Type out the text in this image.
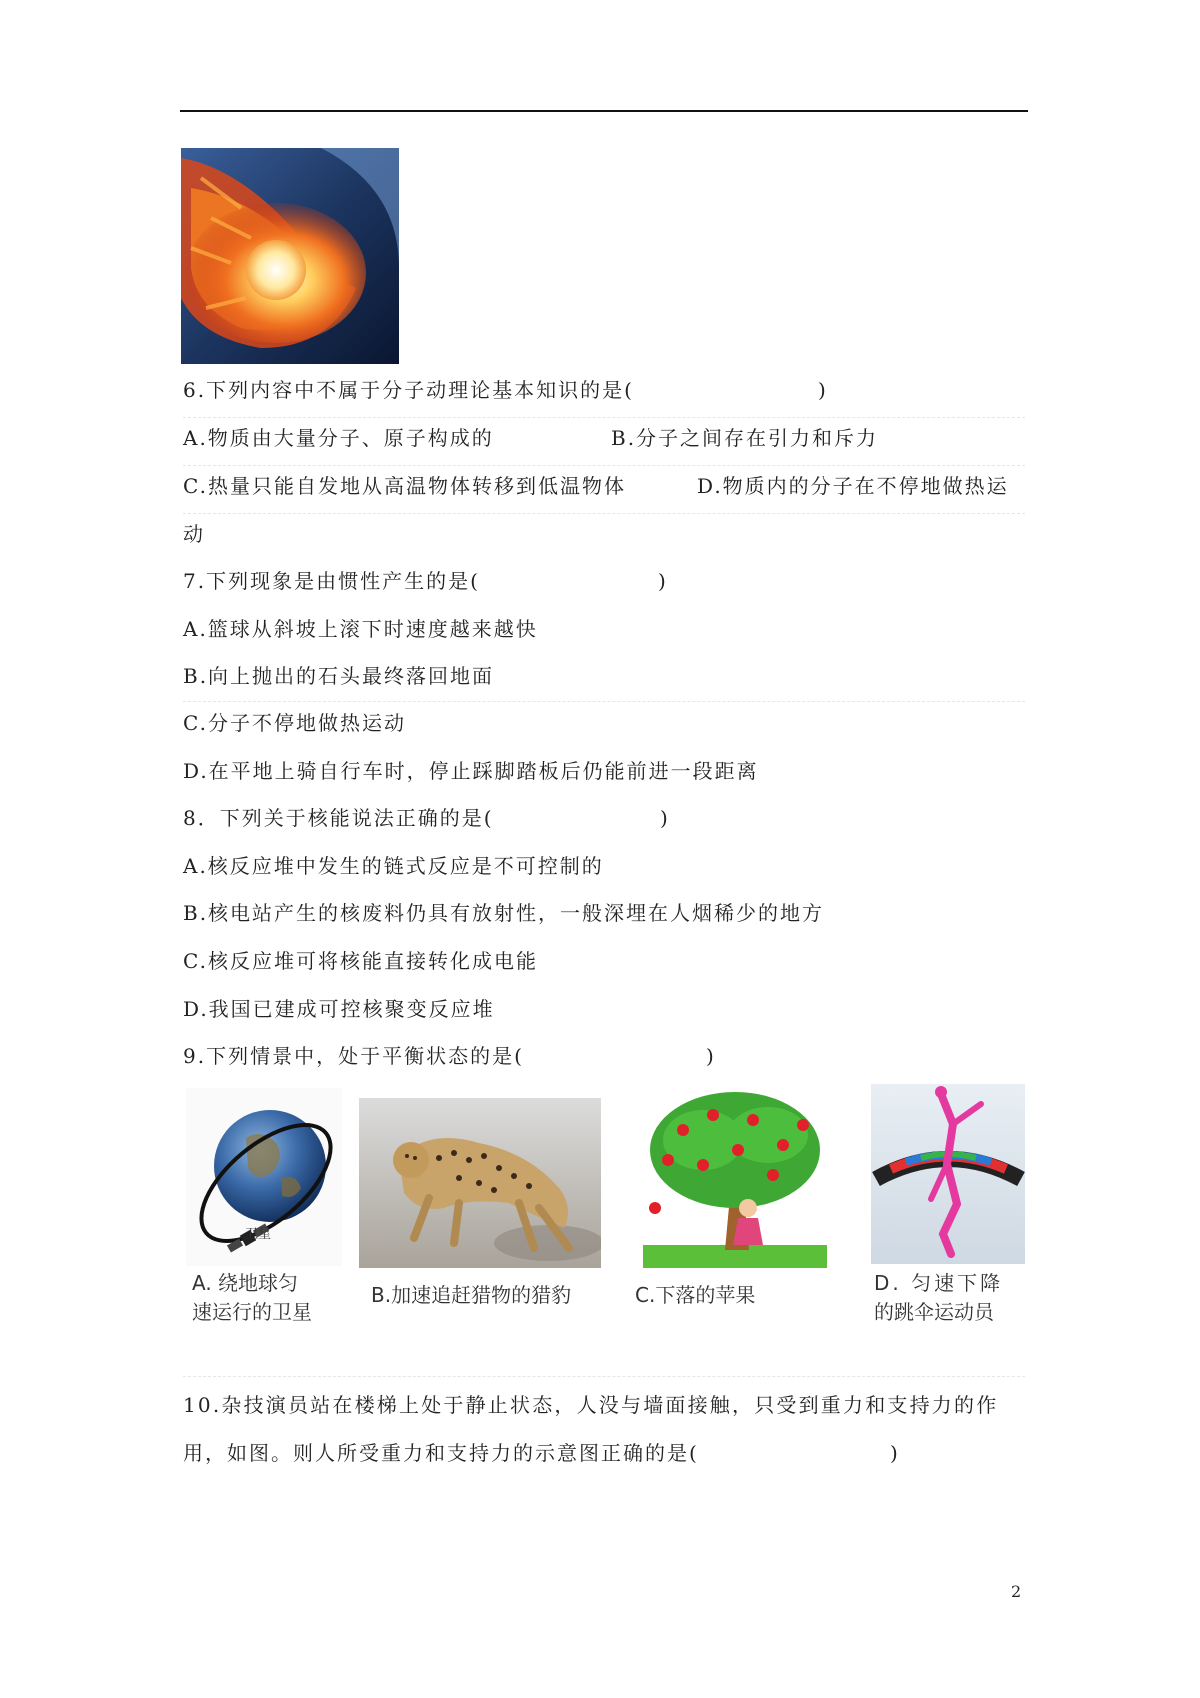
6.下列内容中不属于分子动理论基本知识的是(	)
A.物质由大量分子、原子构成的	B.分子之间存在引力和斥力
C.热量只能自发地从高温物体转移到低温物体	D.物质内的分子在不停地做热运
动
7.下列现象是由惯性产生的是(	)
A.篮球从斜坡上滚下时速度越来越快
B.向上抛出的石头最终落回地面
C.分子不停地做热运动
D.在平地上骑自行车时，停止踩脚踏板后仍能前进一段距离
8．下列关于核能说法正确的是(	)
A.核反应堆中发生的链式反应是不可控制的
B.核电站产生的核废料仍具有放射性，一般深埋在人烟稀少的地方
C.核反应堆可将核能直接转化成电能
D.我国已建成可控核聚变反应堆
9.下列情景中，处于平衡状态的是(	)
卫星
A. 绕地球匀
速运行的卫星
B.加速追赶猎物的猎豹	C.下落的苹果	D. 匀速下降
的跳伞运动员
10.杂技演员站在楼梯上处于静止状态，人没与墙面接触，只受到重力和支持力的作
用，如图。则人所受重力和支持力的示意图正确的是(	)
2
